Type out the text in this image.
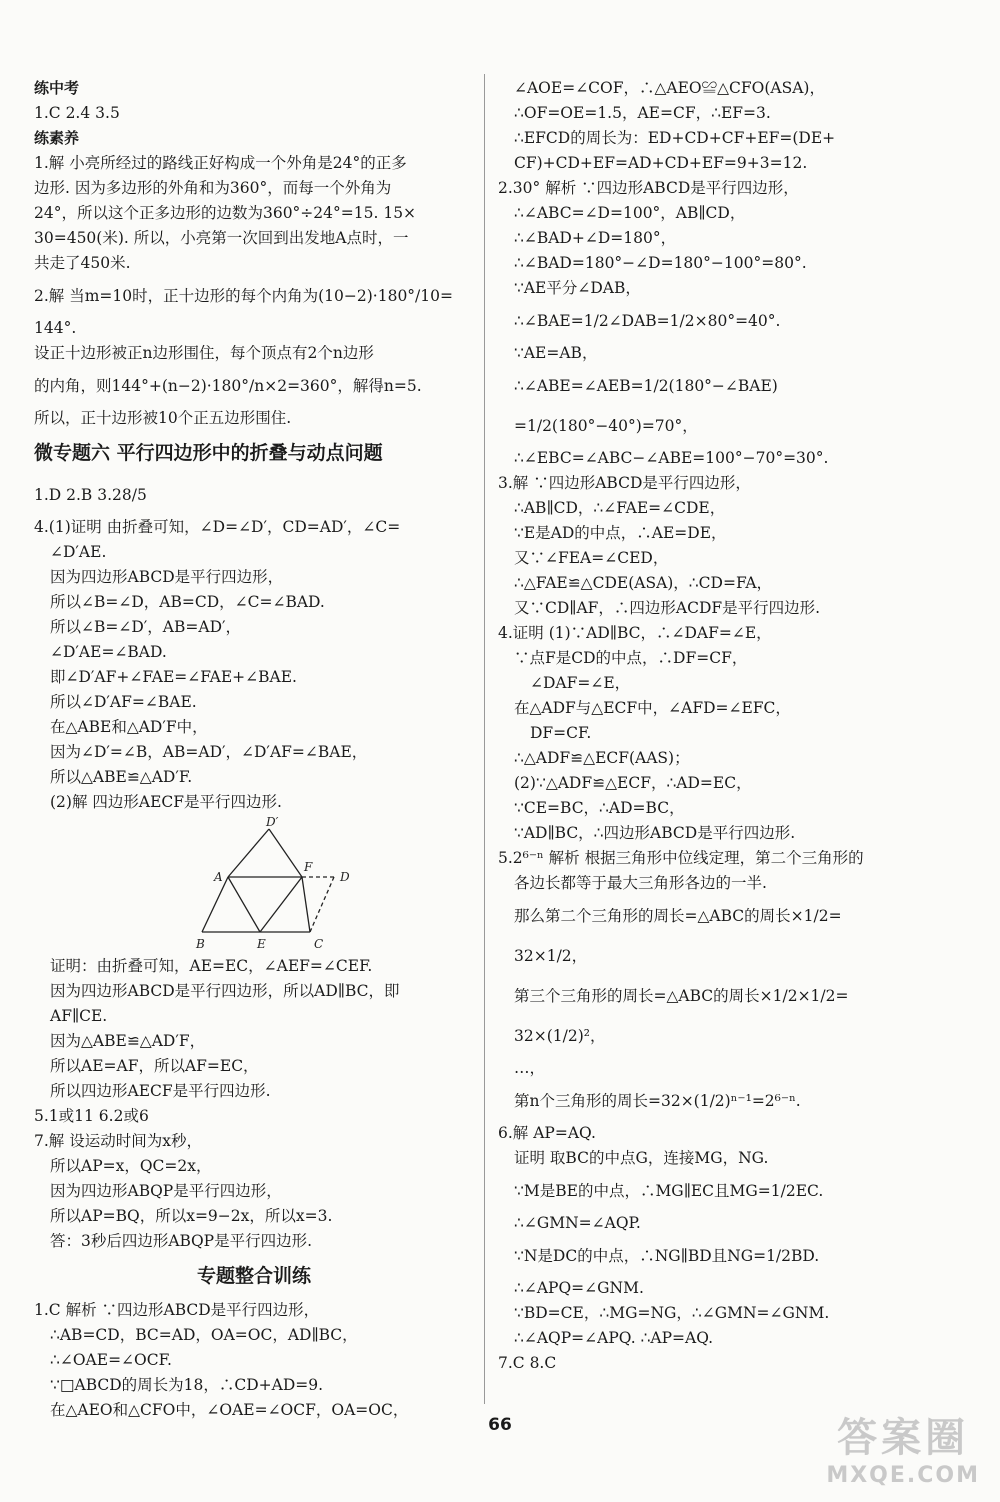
练中考
1.C 2.4 3.5
练素养
1.解 小亮所经过的路线正好构成一个外角是24°的正多
边形. 因为多边形的外角和为360°，而每一个外角为
24°，所以这个正多边形的边数为360°÷24°=15. 15×
30=450(米). 所以，小亮第一次回到出发地A点时，一
共走了450米.
2.解 当m=10时，正十边形的每个内角为(10−2)·180°/10=
144°.
设正十边形被正n边形围住，每个顶点有2个n边形
的内角，则144°+(n−2)·180°/n×2=360°，解得n=5.
所以，正十边形被10个正五边形围住.
微专题六 平行四边形中的折叠与动点问题
1.D 2.B 3.28/5
4.(1)证明 由折叠可知，∠D=∠D′，CD=AD′，∠C=
∠D′AE.
因为四边形ABCD是平行四边形，
所以∠B=∠D，AB=CD，∠C=∠BAD.
所以∠B=∠D′，AB=AD′，
∠D′AE=∠BAD.
即∠D′AF+∠FAE=∠FAE+∠BAE.
所以∠D′AF=∠BAE.
在△ABE和△AD′F中，
因为∠D′=∠B，AB=AD′，∠D′AF=∠BAE，
所以△ABE≌△AD′F.
(2)解 四边形AECF是平行四边形.
D′
A
F
D
B	E	C
证明：由折叠可知，AE=EC，∠AEF=∠CEF.
因为四边形ABCD是平行四边形，所以AD∥BC，即
AF∥CE.
因为△ABE≌△AD′F，
所以AE=AF，所以AF=EC，
所以四边形AECF是平行四边形.
5.1或11 6.2或6
7.解 设运动时间为x秒，
所以AP=x，QC=2x，
因为四边形ABQP是平行四边形，
所以AP=BQ，所以x=9−2x，所以x=3.
答：3秒后四边形ABQP是平行四边形.
专题整合训练
1.C 解析 ∵四边形ABCD是平行四边形，
∴AB=CD，BC=AD，OA=OC，AD∥BC，
∴∠OAE=∠OCF.
∵□ABCD的周长为18，∴CD+AD=9.
在△AEO和△CFO中，∠OAE=∠OCF，OA=OC，
∠AOE=∠COF，∴△AEO≌△CFO(ASA)，
∴OF=OE=1.5，AE=CF，∴EF=3.
∴EFCD的周长为：ED+CD+CF+EF=(DE+
CF)+CD+EF=AD+CD+EF=9+3=12.
2.30° 解析 ∵四边形ABCD是平行四边形，
∴∠ABC=∠D=100°，AB∥CD，
∴∠BAD+∠D=180°，
∴∠BAD=180°−∠D=180°−100°=80°.
∵AE平分∠DAB，
∴∠BAE=1/2∠DAB=1/2×80°=40°.
∵AE=AB，
∴∠ABE=∠AEB=1/2(180°−∠BAE)
=1/2(180°−40°)=70°，
∴∠EBC=∠ABC−∠ABE=100°−70°=30°.
3.解 ∵四边形ABCD是平行四边形，
∴AB∥CD，∴∠FAE=∠CDE，
∵E是AD的中点，∴AE=DE，
又∵∠FEA=∠CED，
∴△FAE≌△CDE(ASA)，∴CD=FA，
又∵CD∥AF，∴四边形ACDF是平行四边形.
4.证明 (1)∵AD∥BC，∴∠DAF=∠E，
∵点F是CD的中点，∴DF=CF，
∠DAF=∠E，
在△ADF与△ECF中，∠AFD=∠EFC，
DF=CF.
∴△ADF≌△ECF(AAS)；
(2)∵△ADF≌△ECF，∴AD=EC，
∵CE=BC，∴AD=BC，
∵AD∥BC，∴四边形ABCD是平行四边形.
5.2⁶⁻ⁿ 解析 根据三角形中位线定理，第二个三角形的
各边长都等于最大三角形各边的一半.
那么第二个三角形的周长=△ABC的周长×1/2=
32×1/2，
第三个三角形的周长=△ABC的周长×1/2×1/2=
32×(1/2)²，
…，
第n个三角形的周长=32×(1/2)ⁿ⁻¹=2⁶⁻ⁿ.
6.解 AP=AQ.
证明 取BC的中点G，连接MG，NG.
∵M是BE的中点，∴MG∥EC且MG=1/2EC.
∴∠GMN=∠AQP.
∵N是DC的中点，∴NG∥BD且NG=1/2BD.
∴∠APQ=∠GNM.
∵BD=CE，∴MG=NG，∴∠GMN=∠GNM.
∴∠AQP=∠APQ. ∴AP=AQ.
7.C 8.C
66	答案圈
MXQE.COM
